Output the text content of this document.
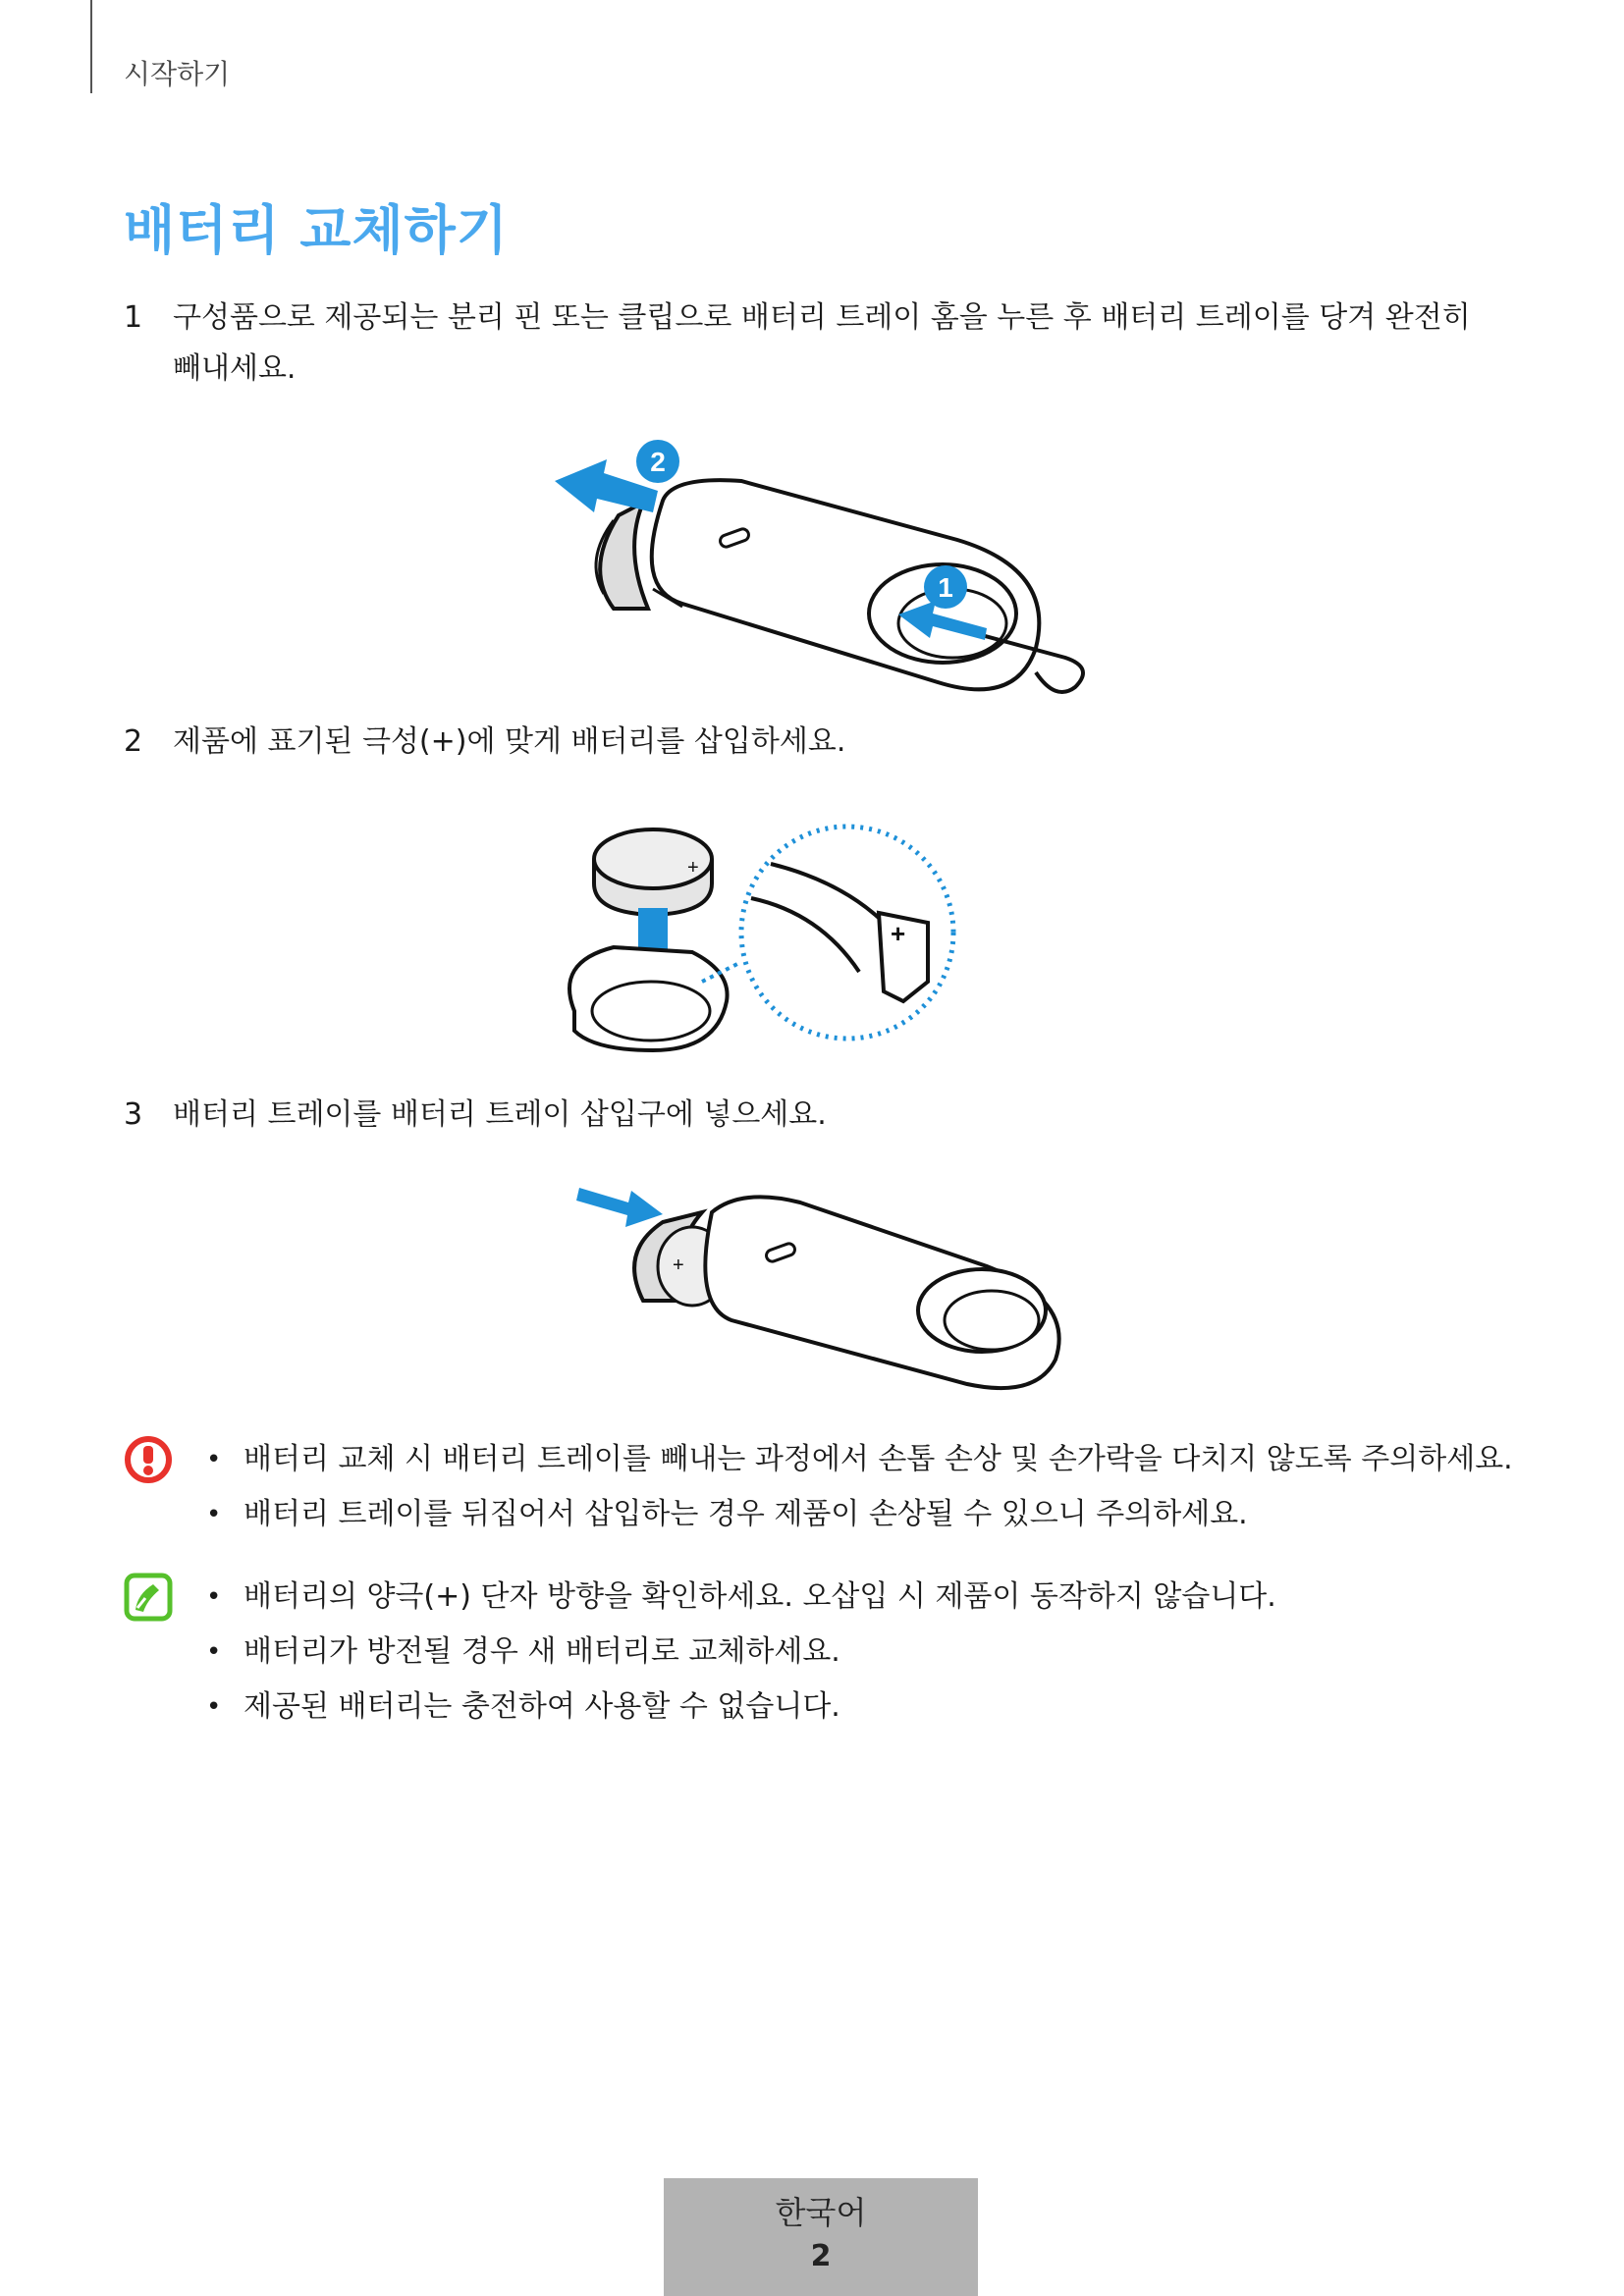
시작하기
배터리 교체하기
1	구성품으로 제공되는 분리 핀 또는 클립으로 배터리 트레이 홈을 누른 후 배터리 트레이를 당겨 완전히 빼내세요.
1
2
2	제품에 표기된 극성(+)에 맞게 배터리를 삽입하세요.
+
+
3	배터리 트레이를 배터리 트레이 삽입구에 넣으세요.
+
• 배터리 교체 시 배터리 트레이를 빼내는 과정에서 손톱 손상 및 손가락을 다치지 않도록 주의하세요.
• 배터리 트레이를 뒤집어서 삽입하는 경우 제품이 손상될 수 있으니 주의하세요.
• 배터리의 양극(+) 단자 방향을 확인하세요. 오삽입 시 제품이 동작하지 않습니다.
• 배터리가 방전될 경우 새 배터리로 교체하세요.
• 제공된 배터리는 충전하여 사용할 수 없습니다.
한국어
2
